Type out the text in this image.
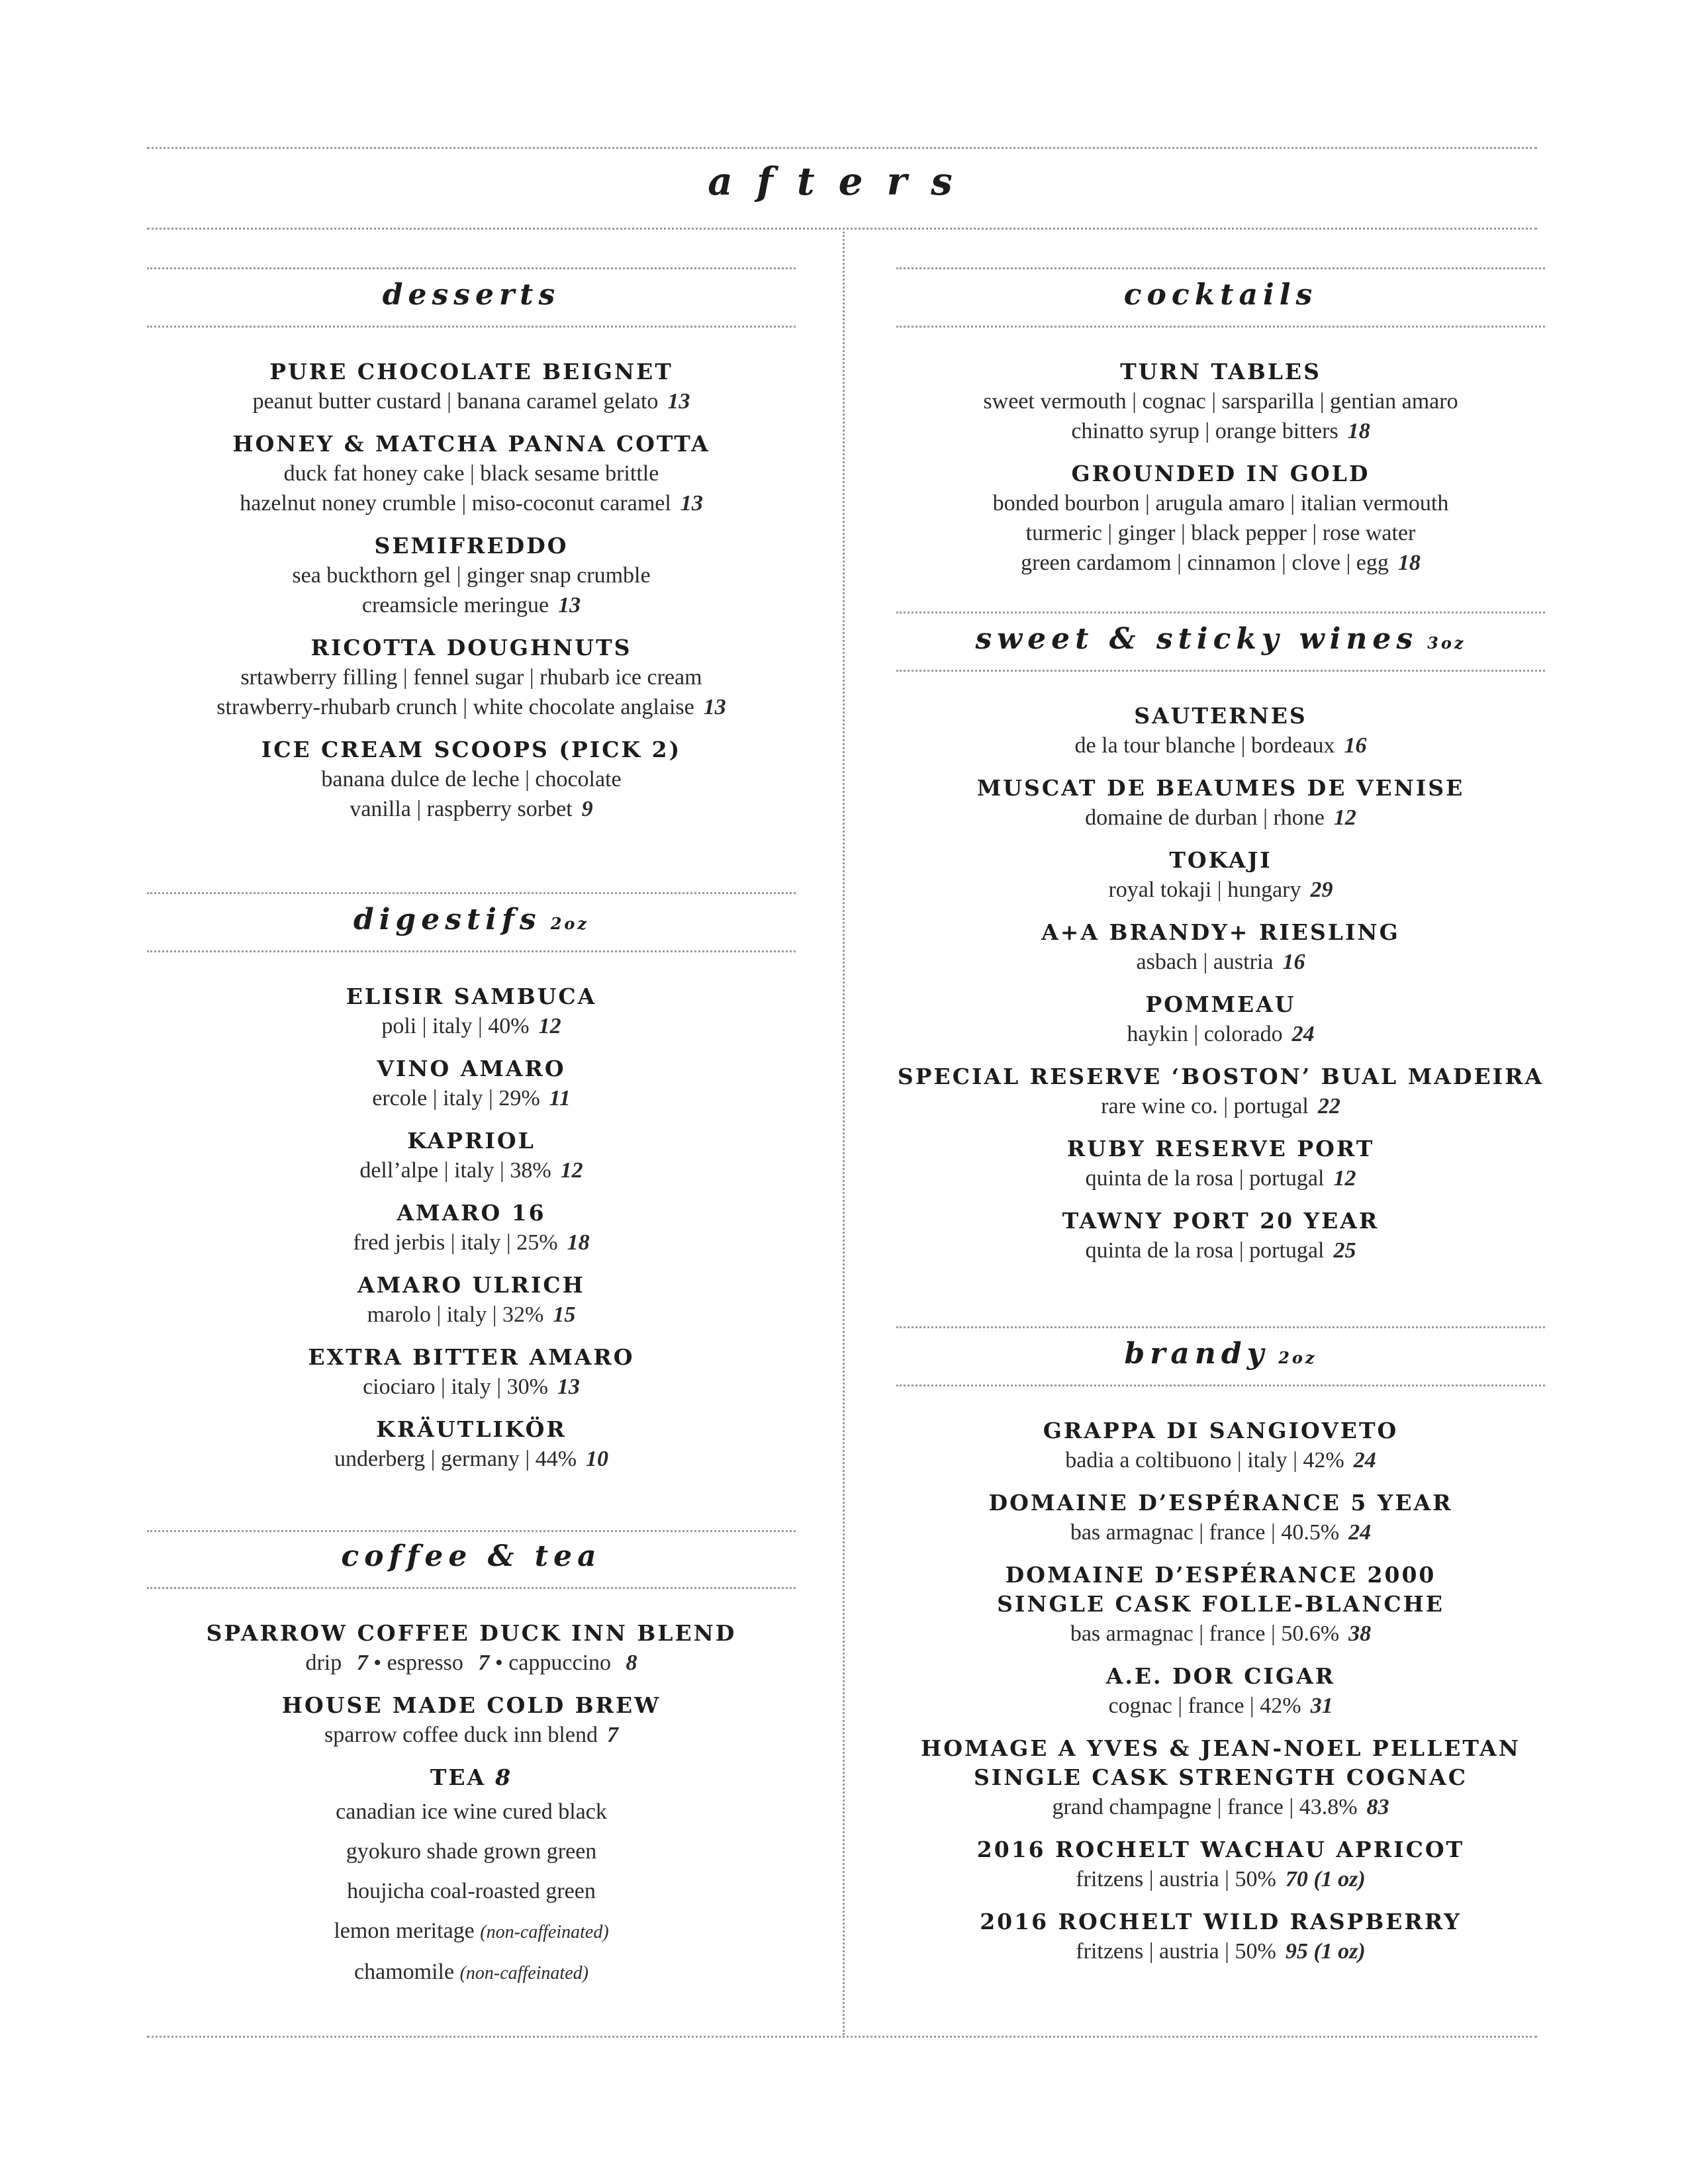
afters
desserts
PURE CHOCOLATE BEIGNET
peanut butter custard | banana caramel gelato 13
HONEY & MATCHA PANNA COTTA
duck fat honey cake | black sesame brittle
hazelnut noney crumble | miso-coconut caramel 13
SEMIFREDDO
sea buckthorn gel | ginger snap crumble
creamsicle meringue 13
RICOTTA DOUGHNUTS
srtawberry filling | fennel sugar | rhubarb ice cream
strawberry-rhubarb crunch | white chocolate anglaise 13
ICE CREAM SCOOPS (PICK 2)
banana dulce de leche | chocolate
vanilla | raspberry sorbet 9
digestifs 2oz
ELISIR SAMBUCA
poli | italy | 40% 12
VINO AMARO
ercole | italy | 29% 11
KAPRIOL
dell’alpe | italy | 38% 12
AMARO 16
fred jerbis | italy | 25% 18
AMARO ULRICH
marolo | italy | 32% 15
EXTRA BITTER AMARO
ciociaro | italy | 30% 13
KRÄUTLIKÖR
underberg | germany | 44% 10
coffee & tea
SPARROW COFFEE DUCK INN BLEND
drip 7 • espresso 7 • cappuccino 8
HOUSE MADE COLD BREW
sparrow coffee duck inn blend 7
TEA 8
canadian ice wine cured black
gyokuro shade grown green
houjicha coal-roasted green
lemon meritage (non-caffeinated)
chamomile (non-caffeinated)
cocktails
TURN TABLES
sweet vermouth | cognac | sarsparilla | gentian amaro
chinatto syrup | orange bitters 18
GROUNDED IN GOLD
bonded bourbon | arugula amaro | italian vermouth
turmeric | ginger | black pepper | rose water
green cardamom | cinnamon | clove | egg 18
sweet & sticky wines 3oz
SAUTERNES
de la tour blanche | bordeaux 16
MUSCAT DE BEAUMES DE VENISE
domaine de durban | rhone 12
TOKAJI
royal tokaji | hungary 29
A+A BRANDY+ RIESLING
asbach | austria 16
POMMEAU
haykin | colorado 24
SPECIAL RESERVE ‘BOSTON’ BUAL MADEIRA
rare wine co. | portugal 22
RUBY RESERVE PORT
quinta de la rosa | portugal 12
TAWNY PORT 20 YEAR
quinta de la rosa | portugal 25
brandy 2oz
GRAPPA DI SANGIOVETO
badia a coltibuono | italy | 42% 24
DOMAINE D’ESPÉRANCE 5 YEAR
bas armagnac | france | 40.5% 24
DOMAINE D’ESPÉRANCE 2000
SINGLE CASK FOLLE-BLANCHE
bas armagnac | france | 50.6% 38
A.E. DOR CIGAR
cognac | france | 42% 31
HOMAGE A YVES & JEAN-NOEL PELLETAN
SINGLE CASK STRENGTH COGNAC
grand champagne | france | 43.8% 83
2016 ROCHELT WACHAU APRICOT
fritzens | austria | 50% 70 (1 oz)
2016 ROCHELT WILD RASPBERRY
fritzens | austria | 50% 95 (1 oz)
